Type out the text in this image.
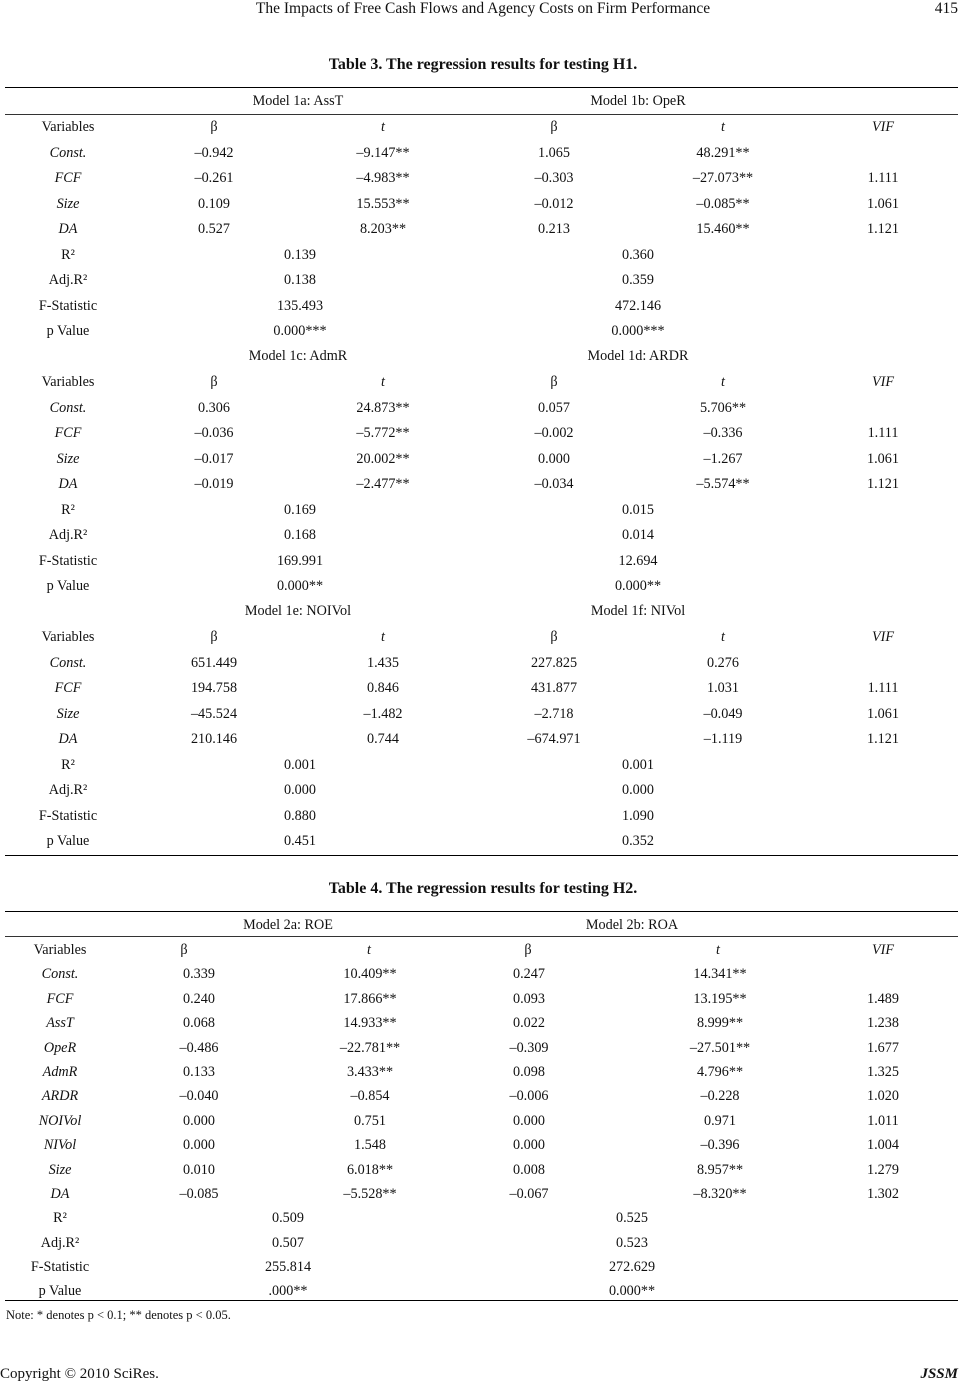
The Impacts of Free Cash Flows and Agency Costs on Firm Performance	415
Table 3. The regression results for testing H1.
Model 1a: AssT	Model 1b: OpeR
Variables	β	t	β	t	VIF
Const.	–0.942	–9.147**	1.065	48.291**
FCF	–0.261	–4.983**	–0.303	–27.073**	1.111
Size	0.109	15.553**	–0.012	–0.085**	1.061
DA	0.527	8.203**	0.213	15.460**	1.121
R²	0.139	0.360
Adj.R²	0.138	0.359
F-Statistic	135.493	472.146
p Value	0.000***	0.000***
Model 1c: AdmR	Model 1d: ARDR
Variables	β	t	β	t	VIF
Const.	0.306	24.873**	0.057	5.706**
FCF	–0.036	–5.772**	–0.002	–0.336	1.111
Size	–0.017	20.002**	0.000	–1.267	1.061
DA	–0.019	–2.477**	–0.034	–5.574**	1.121
R²	0.169	0.015
Adj.R²	0.168	0.014
F-Statistic	169.991	12.694
p Value	0.000**	0.000**
Model 1e: NOIVol	Model 1f: NIVol
Variables	β	t	β	t	VIF
Const.	651.449	1.435	227.825	0.276
FCF	194.758	0.846	431.877	1.031	1.111
Size	–45.524	–1.482	–2.718	–0.049	1.061
DA	210.146	0.744	–674.971	–1.119	1.121
R²	0.001	0.001
Adj.R²	0.000	0.000
F-Statistic	0.880	1.090
p Value	0.451	0.352
Table 4. The regression results for testing H2.
Model 2a: ROE	Model 2b: ROA
Variables	β	t	β	t	VIF
Const.	0.339	10.409**	0.247	14.341**
FCF	0.240	17.866**	0.093	13.195**	1.489
AssT	0.068	14.933**	0.022	8.999**	1.238
OpeR	–0.486	–22.781**	–0.309	–27.501**	1.677
AdmR	0.133	3.433**	0.098	4.796**	1.325
ARDR	–0.040	–0.854	–0.006	–0.228	1.020
NOIVol	0.000	0.751	0.000	0.971	1.011
NIVol	0.000	1.548	0.000	–0.396	1.004
Size	0.010	6.018**	0.008	8.957**	1.279
DA	–0.085	–5.528**	–0.067	–8.320**	1.302
R²	0.509	0.525
Adj.R²	0.507	0.523
F-Statistic	255.814	272.629
p Value	.000**	0.000**
Note: * denotes p < 0.1; ** denotes p < 0.05.
Copyright © 2010 SciRes.	JSSM
